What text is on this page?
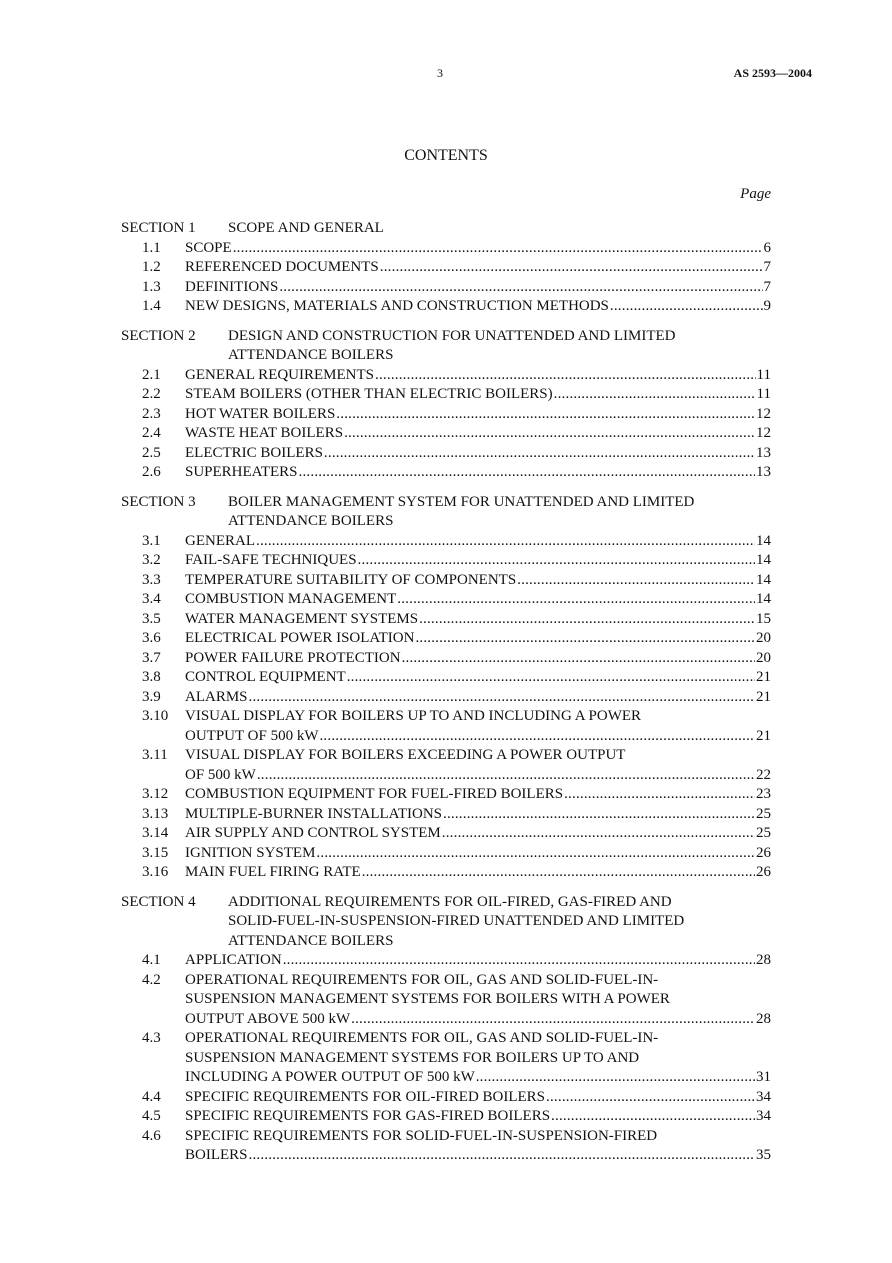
3	AS 2593—2004
CONTENTS
Page
SECTION 1	SCOPE AND GENERAL
1.1	SCOPE .....	6
1.2	REFERENCED DOCUMENTS .....	7
1.3	DEFINITIONS .....	7
1.4	NEW DESIGNS, MATERIALS AND CONSTRUCTION METHODS .....	9
SECTION 2	DESIGN AND CONSTRUCTION FOR UNATTENDED AND LIMITED
ATTENDANCE BOILERS
2.1	GENERAL REQUIREMENTS .....	11
2.2	STEAM BOILERS (OTHER THAN ELECTRIC BOILERS) .....	11
2.3	HOT WATER BOILERS .....	12
2.4	WASTE HEAT BOILERS .....	12
2.5	ELECTRIC BOILERS .....	13
2.6	SUPERHEATERS .....	13
SECTION 3	BOILER MANAGEMENT SYSTEM FOR UNATTENDED AND LIMITED
ATTENDANCE BOILERS
3.1	GENERAL .....	14
3.2	FAIL-SAFE TECHNIQUES .....	14
3.3	TEMPERATURE SUITABILITY OF COMPONENTS .....	14
3.4	COMBUSTION MANAGEMENT .....	14
3.5	WATER MANAGEMENT SYSTEMS .....	15
3.6	ELECTRICAL POWER ISOLATION .....	20
3.7	POWER FAILURE PROTECTION .....	20
3.8	CONTROL EQUIPMENT .....	21
3.9	ALARMS .....	21
3.10	VISUAL DISPLAY FOR BOILERS UP TO AND INCLUDING A POWER
OUTPUT OF 500 kW .....	21
3.11	VISUAL DISPLAY FOR BOILERS EXCEEDING A POWER OUTPUT
OF 500 kW .....	22
3.12	COMBUSTION EQUIPMENT FOR FUEL-FIRED BOILERS .....	23
3.13	MULTIPLE-BURNER INSTALLATIONS .....	25
3.14	AIR SUPPLY AND CONTROL SYSTEM .....	25
3.15	IGNITION SYSTEM .....	26
3.16	MAIN FUEL FIRING RATE .....	26
SECTION 4	ADDITIONAL REQUIREMENTS FOR OIL-FIRED, GAS-FIRED AND
SOLID-FUEL-IN-SUSPENSION-FIRED UNATTENDED AND LIMITED
ATTENDANCE BOILERS
4.1	APPLICATION .....	28
4.2	OPERATIONAL REQUIREMENTS FOR OIL, GAS AND SOLID-FUEL-IN-
SUSPENSION MANAGEMENT SYSTEMS FOR BOILERS WITH A POWER
OUTPUT ABOVE 500 kW .....	28
4.3	OPERATIONAL REQUIREMENTS FOR OIL, GAS AND SOLID-FUEL-IN-
SUSPENSION MANAGEMENT SYSTEMS FOR BOILERS UP TO AND
INCLUDING A POWER OUTPUT OF 500 kW .....	31
4.4	SPECIFIC REQUIREMENTS FOR OIL-FIRED BOILERS .....	34
4.5	SPECIFIC REQUIREMENTS FOR GAS-FIRED BOILERS .....	34
4.6	SPECIFIC REQUIREMENTS FOR SOLID-FUEL-IN-SUSPENSION-FIRED
BOILERS .....	35
